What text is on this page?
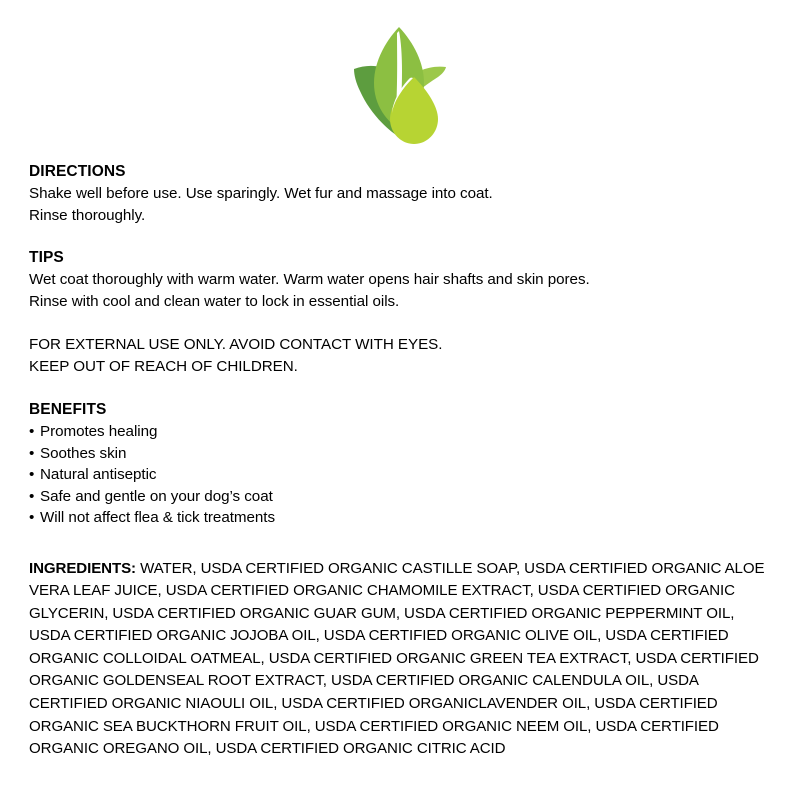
DIRECTIONS

Shake well before use. Use sparingly. Wet fur and massage into coat.

Rinse thoroughly.

TIPS

Wet coat thoroughly with warm water. Warm water opens hair shafts and skin pores.

Rinse with cool and clean water to lock in essential oils.

FOR EXTERNAL USE ONLY. AVOID CONTACT WITH EYES.

KEEP OUT OF REACH OF CHILDREN.

BENEFITS
• Promotes healing
• Soothes skin
• Natural antiseptic
• Safe and gentle on your dog’s coat
• Will not affect flea & tick treatments

INGREDIENTS: WATER, USDA CERTIFIED ORGANIC CASTILLE SOAP, USDA CERTIFIED ORGANIC ALOE VERA LEAF JUICE, USDA CERTIFIED ORGANIC CHAMOMILE EXTRACT, USDA CERTIFIED ORGANIC GLYCERIN, USDA CERTIFIED ORGANIC GUAR GUM, USDA CERTIFIED ORGANIC PEPPERMINT OIL, USDA CERTIFIED ORGANIC JOJOBA OIL, USDA CERTIFIED ORGANIC OLIVE OIL, USDA CERTIFIED ORGANIC COLLOIDAL OATMEAL, USDA CERTIFIED ORGANIC GREEN TEA EXTRACT, USDA CERTIFIED ORGANIC GOLDENSEAL ROOT EXTRACT, USDA CERTIFIED ORGANIC CALENDULA OIL, USDA CERTIFIED ORGANIC NIAOULI OIL, USDA CERTIFIED ORGANICLAVENDER OIL, USDA CERTIFIED ORGANIC SEA BUCKTHORN FRUIT OIL, USDA CERTIFIED ORGANIC NEEM OIL, USDA CERTIFIED ORGANIC OREGANO OIL, USDA CERTIFIED ORGANIC CITRIC ACID
